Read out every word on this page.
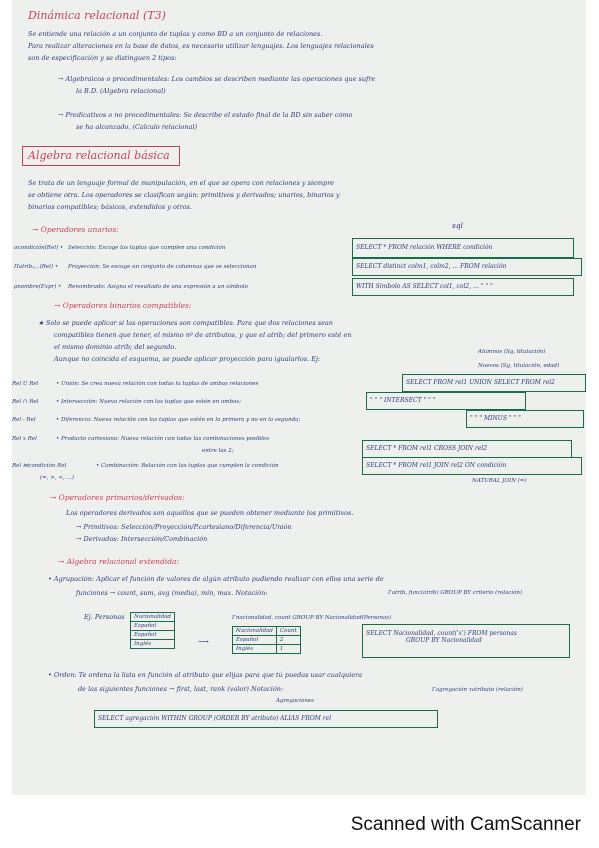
Dinámica relacional (T3)
Se entiende una relación a un conjunto de tuplas y como BD a un conjunto de relaciones.
Para realizar alteraciones en la base de datos, es necesario utilizar lenguajes. Los lenguajes relacionales
son de especificación y se distinguen 2 tipos:
→ Algebraicos o procedimentales: Los cambios se describen mediante las operaciones que sufre
la B.D. (Algebra relacional)
→ Predicativos o no procedimentales: Se describe el estado final de la BD sin saber cómo
se ha alcanzado. (Calculo relacional)
Algebra relacional básica
Se trata de un lenguaje formal de manipulación, en el que se opera con relaciones y siempre
se obtiene otra. Los operadores se clasifican según: primitivos y derivados; unarios, binarios y
binarios compatibles; básicos, extendidos y otros.
→ Operadores unarios:	sql
σcondición(Rel) • Selección: Escoge las tuplas que cumplen una condición	SELECT * FROM relación WHERE condición
Πatrib₁,..(Rel) • Proyección: Se escoge un conjunto de columnas que se seleccionan	SELECT distinct colm1, colm2, ... FROM relación
ρnombre(Expr) • Renombrado: Asigna el resultado de una expresión a un símbolo	WITH Simbolo AS SELECT col1, col2, ... " " "
→ Operadores binarios compatibles:
★ Solo se puede aplicar si las operaciones son compatibles. Para que dos relaciones sean
compatibles tienen que tener, el mismo nº de atributos, y que el atrib; del primero esté en
el mismo dominio atrib; del segundo.
Aunque no coincida el esquema, se puede aplicar proyección para igualarlos. Ej:
Alumnos (Sg, titulación)
Nuevos (Sg, titulación, edad)
Rel U Rel	• Unión: Se crea nueva relación con todas la tuplas de ambas relaciones	SELECT FROM rel1 UNION SELECT FROM rel2
Rel ∩ Rel	• Intersección: Nueva relación con las tuplas que estén en ambas;	" " " INTERSECT " " "
Rel - Rel	• Diferencia: Nueva relación con las tuplas que estén en la primera y no en la segunda;	" " " MINUS " " "
Rel x Rel	• Producto cartesiano: Nueva relación con todas las combinaciones posibles
entre las 2;	SELECT * FROM rel1 CROSS JOIN rel2
Rel ⋈condición Rel	• Combinación: Relación con las tuplas que cumplen la condición
(=, >, <, ...)
SELECT * FROM rel1 JOIN rel2 ON condición
NATURAL JOIN (=)
→ Operadores primarios/derivados:
Los operadores derivados son aquellos que se pueden obtener mediante los primitivos.
→ Primitivos: Selección/Proyección/P.cartesiano/Diferencia/Unión
→ Derivados: Intersección/Combinación
→ Algebra relacional extendida:
• Agrupación: Aplicar el función de valores de algún atributo pudiendo realizar con ellos una serie de
funciones → count, sum, avg (media), min, max. Notación:	Γatrib, func(atrib) GROUP BY criterio (relación)
Ej. Personas Nacionalidad
Español
Español
Inglés
Γnacionalidad, count GROUP BY Nacionalidad(Personas)
⟶
Nacionalidad	Count
Español	2
Inglés	1
SELECT Nacionalidad, count('x') FROM personas
GROUP BY Nacionalidad
• Orden: Te ordena la lista en función al atributo que elijas para que tú puedas usar cualquiera
de las siguientes funciones → first, last, rank (valor) Notación:
Agregaciones
Γagregación τatributo (relación)
SELECT agregación WITHIN GROUP (ORDER BY atributo) ALIAS FROM rel
Scanned with CamScanner
